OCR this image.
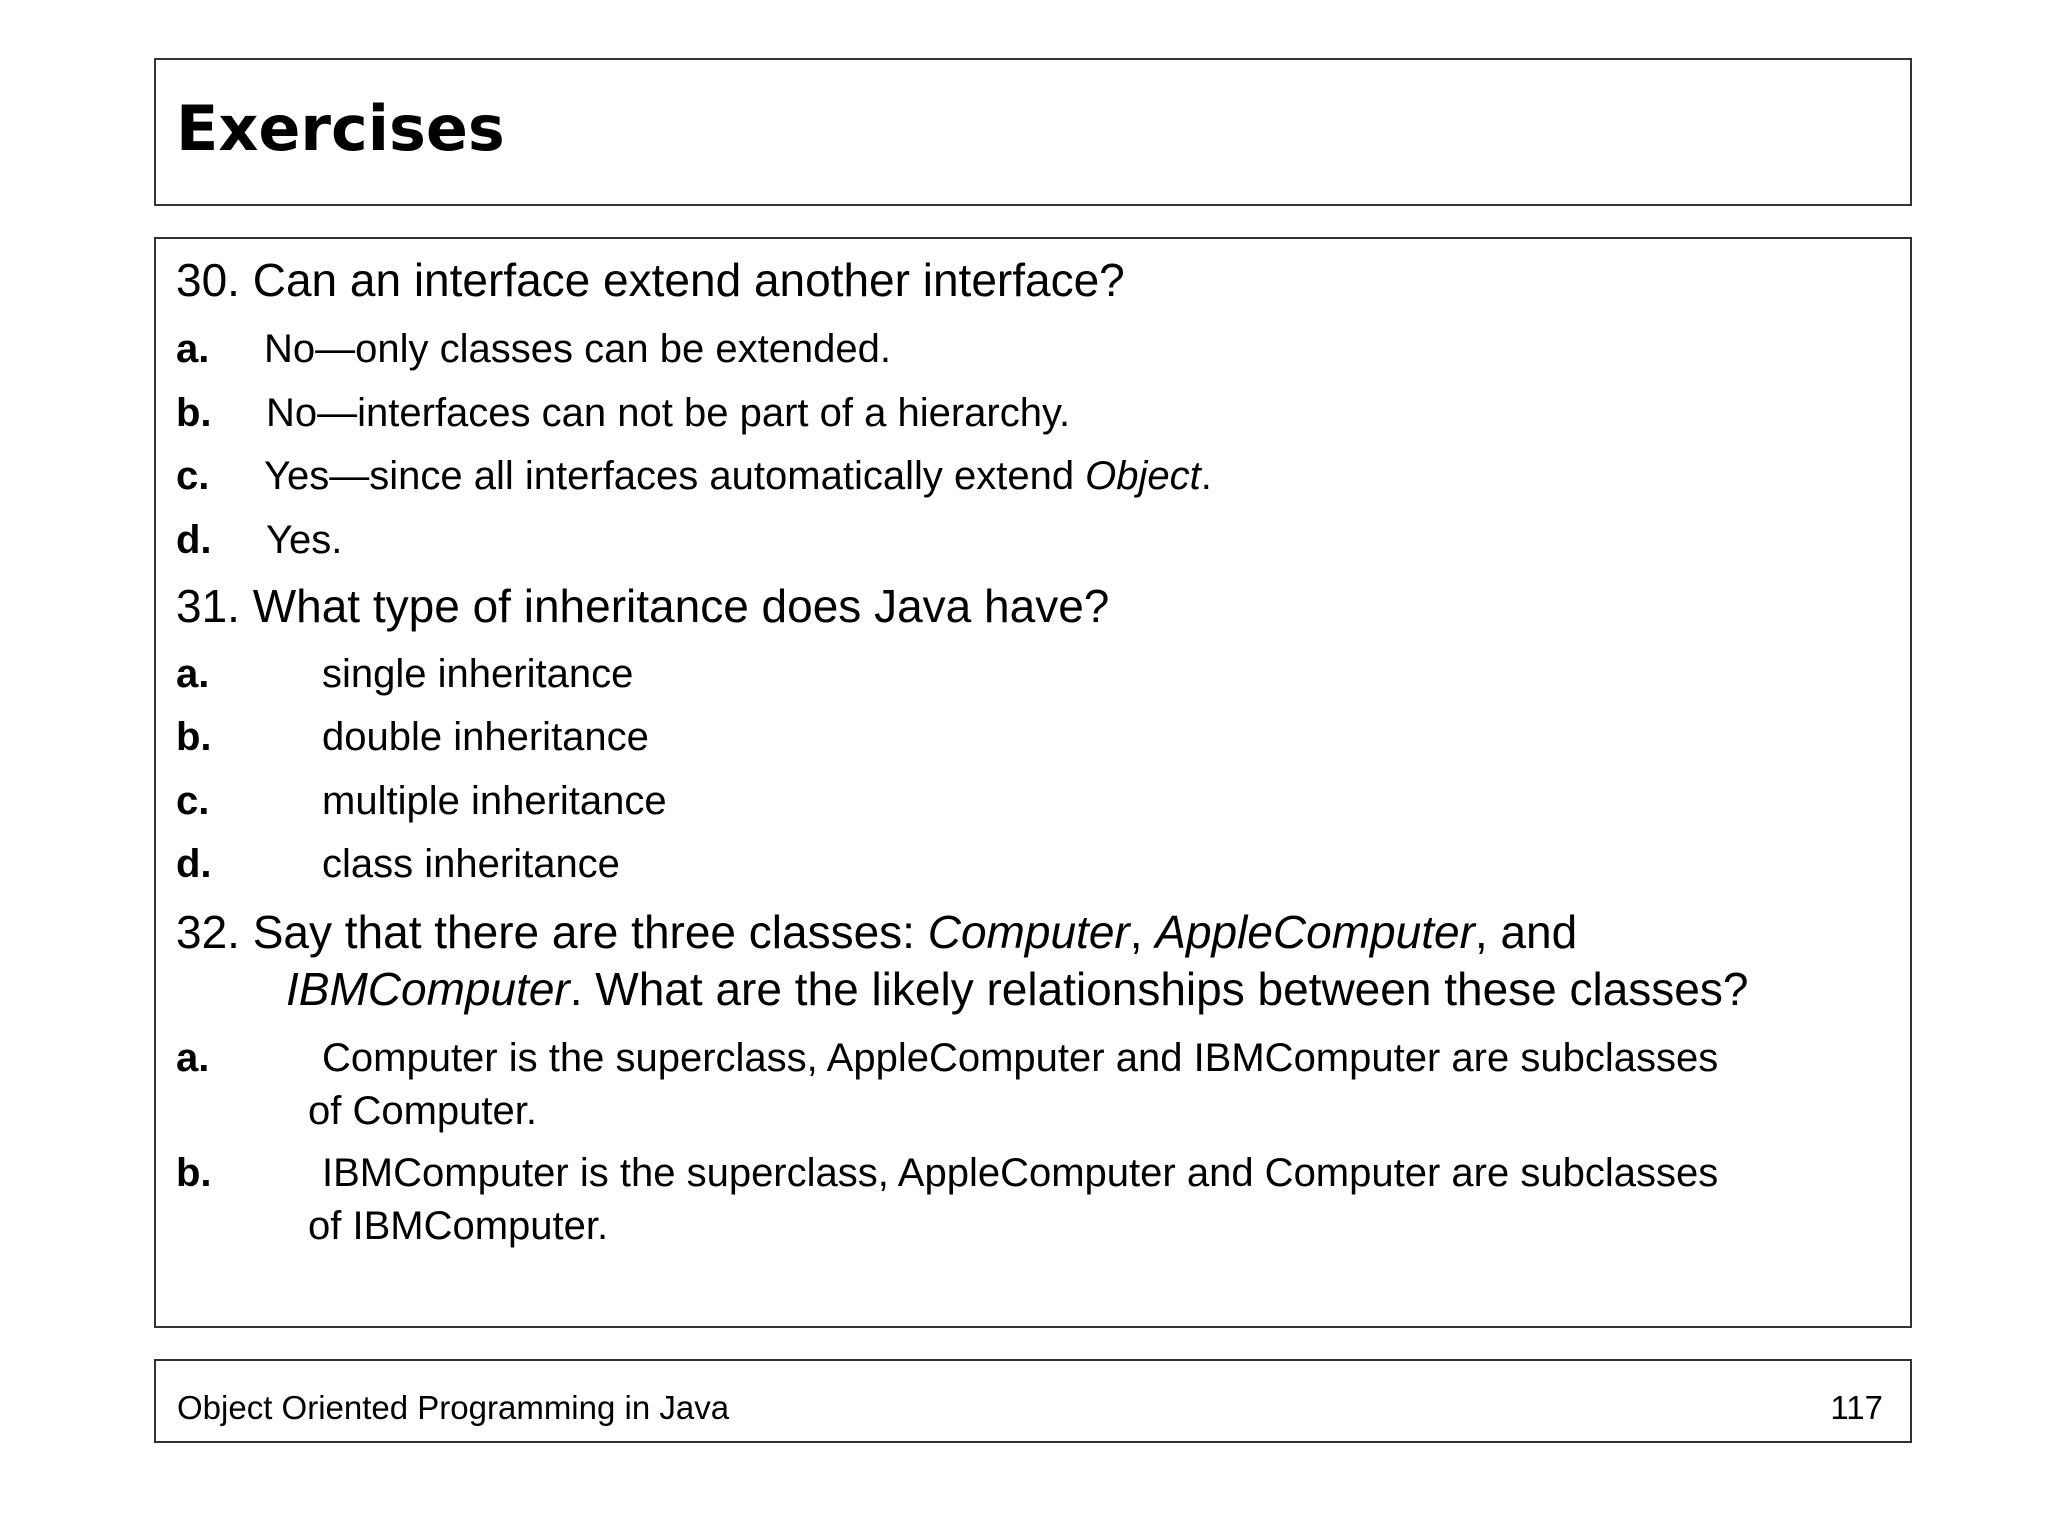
Exercises
30. Can an interface extend another interface?
a. No—only classes can be extended.
b. No—interfaces can not be part of a hierarchy.
c. Yes—since all interfaces automatically extend Object.
d. Yes.
31. What type of inheritance does Java have?
a.	single inheritance
b.	double inheritance
c.	multiple inheritance
d.	class inheritance
32. Say that there are three classes: Computer, AppleComputer, and
IBMComputer. What are the likely relationships between these classes?
a.	Computer is the superclass, AppleComputer and IBMComputer are subclasses
of Computer.
b.	IBMComputer is the superclass, AppleComputer and Computer are subclasses
of IBMComputer.
Object Oriented Programming in Java	117
